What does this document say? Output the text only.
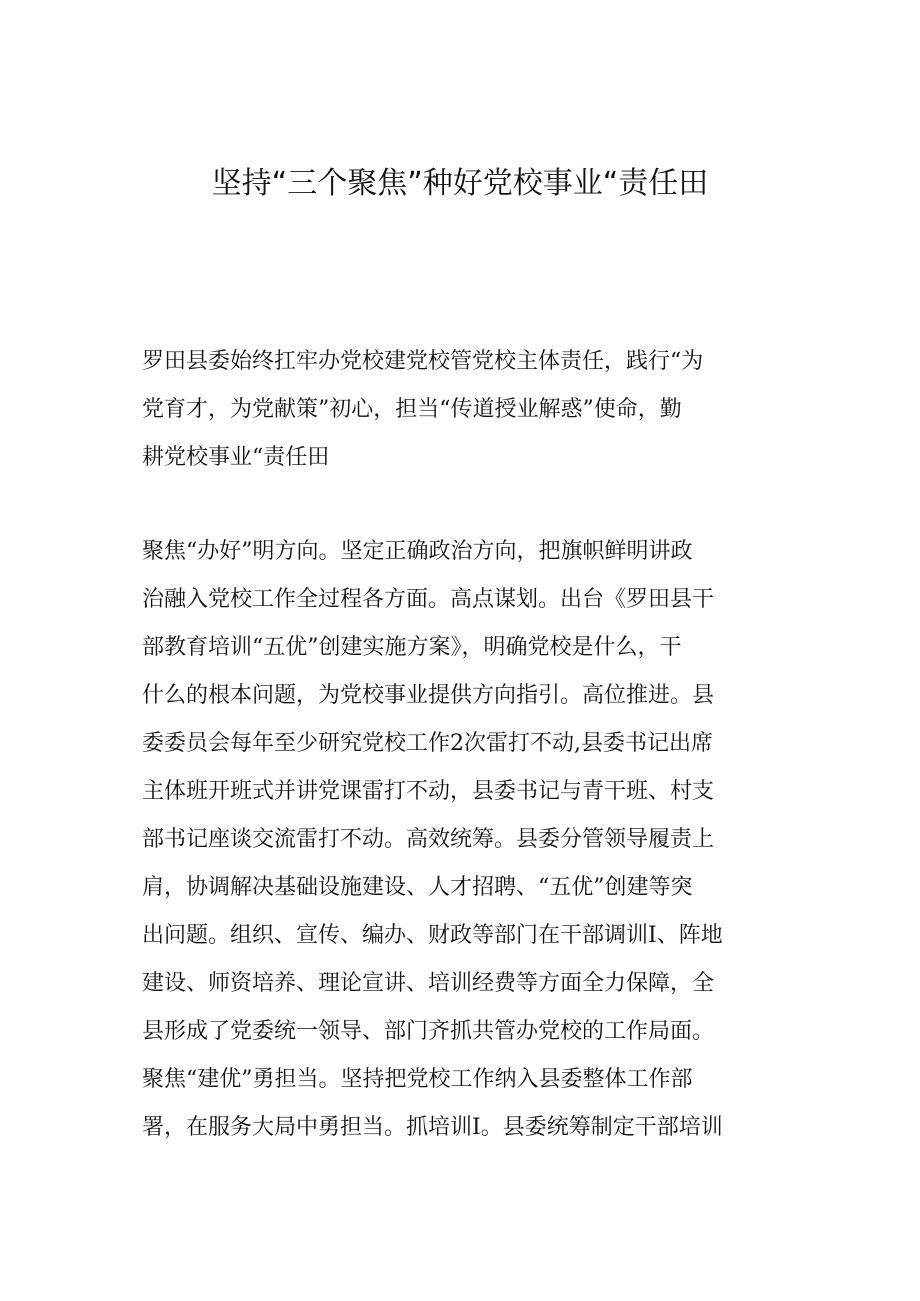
坚持“三个聚焦”种好党校事业“责任田
罗田县委始终扛牢办党校建党校管党校主体责任，践行“为
党育才，为党献策”初心，担当“传道授业解惑”使命，勤
耕党校事业“责任田
聚焦“办好”明方向。坚定正确政治方向，把旗帜鲜明讲政
治融入党校工作全过程各方面。高点谋划。出台《罗田县干
部教育培训“五优”创建实施方案》，明确党校是什么，干
什么的根本问题，为党校事业提供方向指引。高位推进。县
委委员会每年至少研究党校工作2次雷打不动,县委书记出席
主体班开班式并讲党课雷打不动，县委书记与青干班、村支
部书记座谈交流雷打不动。高效统筹。县委分管领导履责上
肩，协调解决基础设施建设、人才招聘、“五优”创建等突
出问题。组织、宣传、编办、财政等部门在干部调训I、阵地
建设、师资培养、理论宣讲、培训经费等方面全力保障，全
县形成了党委统一领导、部门齐抓共管办党校的工作局面。
聚焦“建优”勇担当。坚持把党校工作纳入县委整体工作部
署，在服务大局中勇担当。抓培训I。县委统筹制定干部培训
